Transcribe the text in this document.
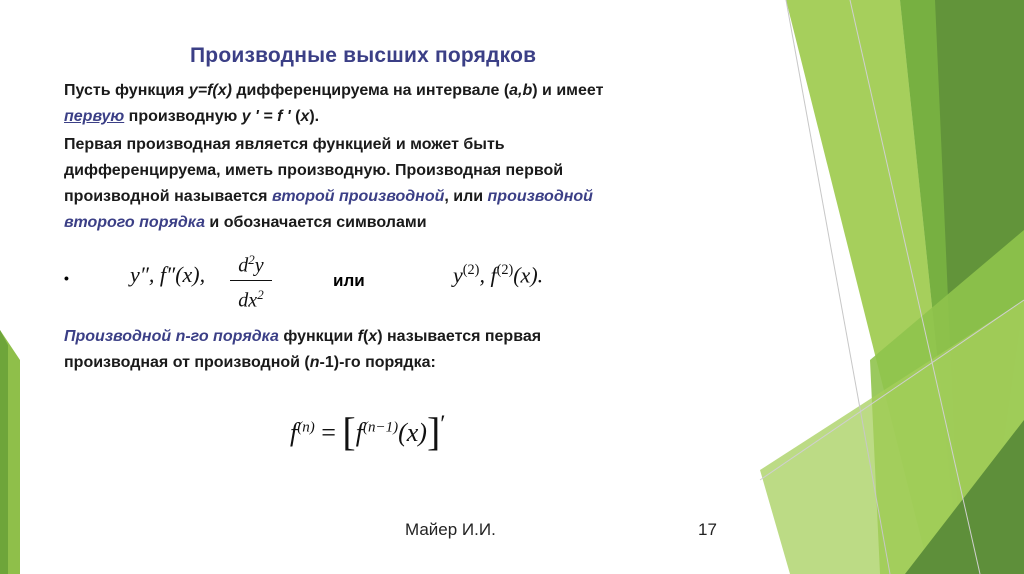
Производные высших порядков
Пусть функция y=f(x) дифференцируема на интервале (a,b) и имеет
первую производную y ' = f ' (x).
Первая производная является функцией и может быть
дифференцируема, иметь производную. Производная первой
производной называется второй производной, или производной
второго порядка и обозначается символами
•	y″, f″(x),	$d^2y$
$dx^2$
или	$y^{(2)}$, $f^{(2)}(x)$.
Производной n-го порядка функции f(x) называется первая
производная от производной (n-1)-го порядка:
$f^{(n)} = [f^{(n-1)}(x)]'$
Майер И.И.	17
